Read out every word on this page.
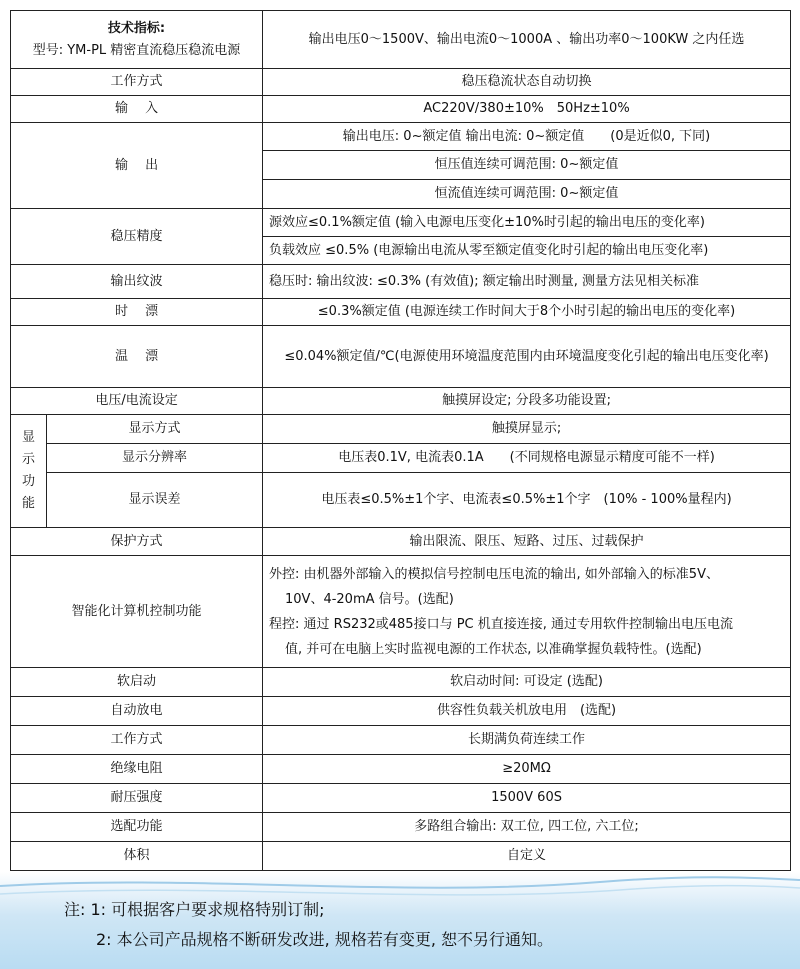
技术指标:
型号: YM-PL 精密直流稳压稳流电源		输出电压0～1500V、输出电流0～1000A 、输出功率0～100KW 之内任选
工作方式		稳压稳流状态自动切换
输　 入		AC220V/380±10%　50Hz±10%
输　 出		输出电压: 0~额定值 输出电流: 0~额定值　　(0是近似0, 下同)
		恒压值连续可调范围: 0~额定值
		恒流值连续可调范围: 0~额定值
稳压精度		源效应≤0.1%额定值 (输入电源电压变化±10%时引起的输出电压的变化率)
		负载效应 ≤0.5% (电源输出电流从零至额定值变化时引起的输出电压变化率)
输出纹波		稳压时: 输出纹波: ≤0.3% (有效值); 额定输出时测量, 测量方法见相关标准
时　 漂		≤0.3%额定值 (电源连续工作时间大于8个小时引起的输出电压的变化率)
温　 漂		≤0.04%额定值/℃(电源使用环境温度范围内由环境温度变化引起的输出电压变化率)
电压/电流设定		触摸屏设定; 分段多功能设置;

显
示
功
能	显示方式	触摸屏显示;
	显示分辨率	电压表0.1V, 电流表0.1A　　(不同规格电源显示精度可能不一样)
	显示误差	电压表≤0.5%±1个字、电流表≤0.5%±1个字　(10% - 100%量程内)
保护方式		输出限流、限压、短路、过压、过载保护
智能化计算机控制功能		外控: 由机器外部输入的模拟信号控制电压电流的输出, 如外部输入的标准5V、
10V、4-20mA 信号。(选配)
程控: 通过 RS232或485接口与 PC 机直接连接, 通过专用软件控制输出电压电流
值, 并可在电脑上实时监视电源的工作状态, 以准确掌握负载特性。(选配)

软启动		软启动时间: 可设定 (选配)
自动放电		供容性负载关机放电用　(选配)
工作方式		长期满负荷连续工作
绝缘电阻		≥20MΩ
耐压强度		1500V 60S
选配功能		多路组合输出: 双工位, 四工位, 六工位;
体积		自定义
注: 1: 可根据客户要求规格特别订制;
2: 本公司产品规格不断研发改进, 规格若有变更, 恕不另行通知。
